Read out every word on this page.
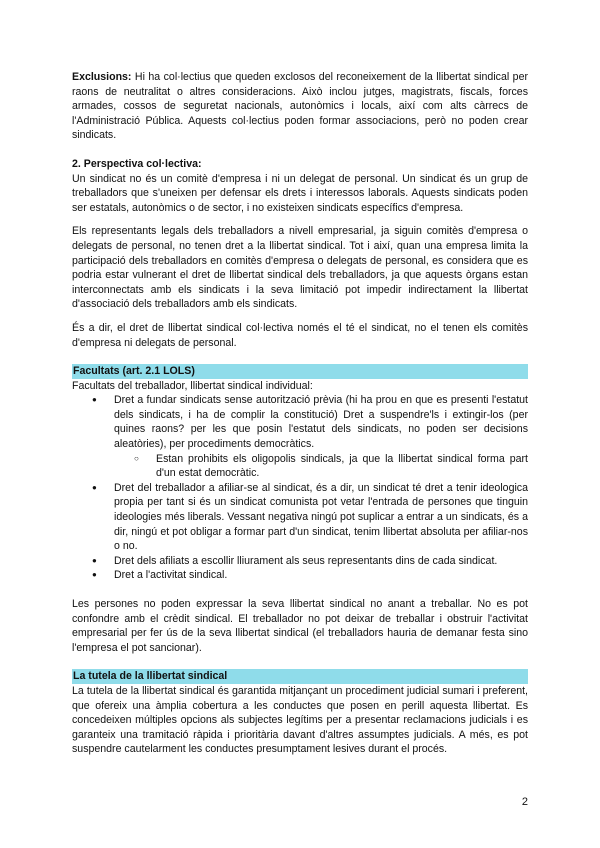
Exclusions: Hi ha col·lectius que queden exclosos del reconeixement de la llibertat sindical per raons de neutralitat o altres consideracions. Això inclou jutges, magistrats, fiscals, forces armades, cossos de seguretat nacionals, autonòmics i locals, així com alts càrrecs de l'Administració Pública. Aquests col·lectius poden formar associacions, però no poden crear sindicats.

2. Perspectiva col·lectiva:

Un sindicat no és un comitè d'empresa i ni un delegat de personal. Un sindicat és un grup de treballadors que s'uneixen per defensar els drets i interessos laborals. Aquests sindicats poden ser estatals, autonòmics o de sector, i no existeixen sindicats específics d'empresa.

Els representants legals dels treballadors a nivell empresarial, ja siguin comitès d'empresa o delegats de personal, no tenen dret a la llibertat sindical. Tot i així, quan una empresa limita la participació dels treballadors en comitès d'empresa o delegats de personal, es considera que es podria estar vulnerant el dret de llibertat sindical dels treballadors, ja que aquests òrgans estan interconnectats amb els sindicats i la seva limitació pot impedir indirectament la llibertat d'associació dels treballadors amb els sindicats.

És a dir, el dret de llibertat sindical col·lectiva només el té el sindicat, no el tenen els comitès d'empresa ni delegats de personal.

Facultats (art. 2.1 LOLS)

Facultats del treballador, llibertat sindical individual:

● Dret a fundar sindicats sense autorització prèvia (hi ha prou en que es presenti l'estatut dels sindicats, i ha de complir la constitució) Dret a suspendre'ls i extingir-los (per quines raons? per les que posin l'estatut dels sindicats, no poden ser decisions aleatòries), per procediments democràtics.
○ Estan prohibits els oligopolis sindicals, ja que la llibertat sindical forma part d'un estat democràtic.
● Dret del treballador a afiliar-se al sindicat, és a dir, un sindicat té dret a tenir ideologica propia per tant si és un sindicat comunista pot vetar l'entrada de persones que tinguin ideologies més liberals. Vessant negativa ningú pot suplicar a entrar a un sindicats, és a dir, ningú et pot obligar a formar part d'un sindicat, tenim llibertat absoluta per afiliar-nos o no.
● Dret dels afiliats a escollir lliurament als seus representants dins de cada sindicat.
● Dret a l'activitat sindical.

Les persones no poden expressar la seva llibertat sindical no anant a treballar. No es pot confondre amb el crèdit sindical. El treballador no pot deixar de treballar i obstruir l'activitat empresarial per fer ús de la seva llibertat sindical (el treballadors hauria de demanar festa sino l'empresa el pot sancionar).

La tutela de la llibertat sindical

La tutela de la llibertat sindical és garantida mitjançant un procediment judicial sumari i preferent, que ofereix una àmplia cobertura a les conductes que posen en perill aquesta llibertat. Es concedeixen múltiples opcions als subjectes legítims per a presentar reclamacions judicials i es garanteix una tramitació ràpida i prioritària davant d'altres assumptes judicials. A més, es pot suspendre cautelarment les conductes presumptament lesives durant el procés.

2
